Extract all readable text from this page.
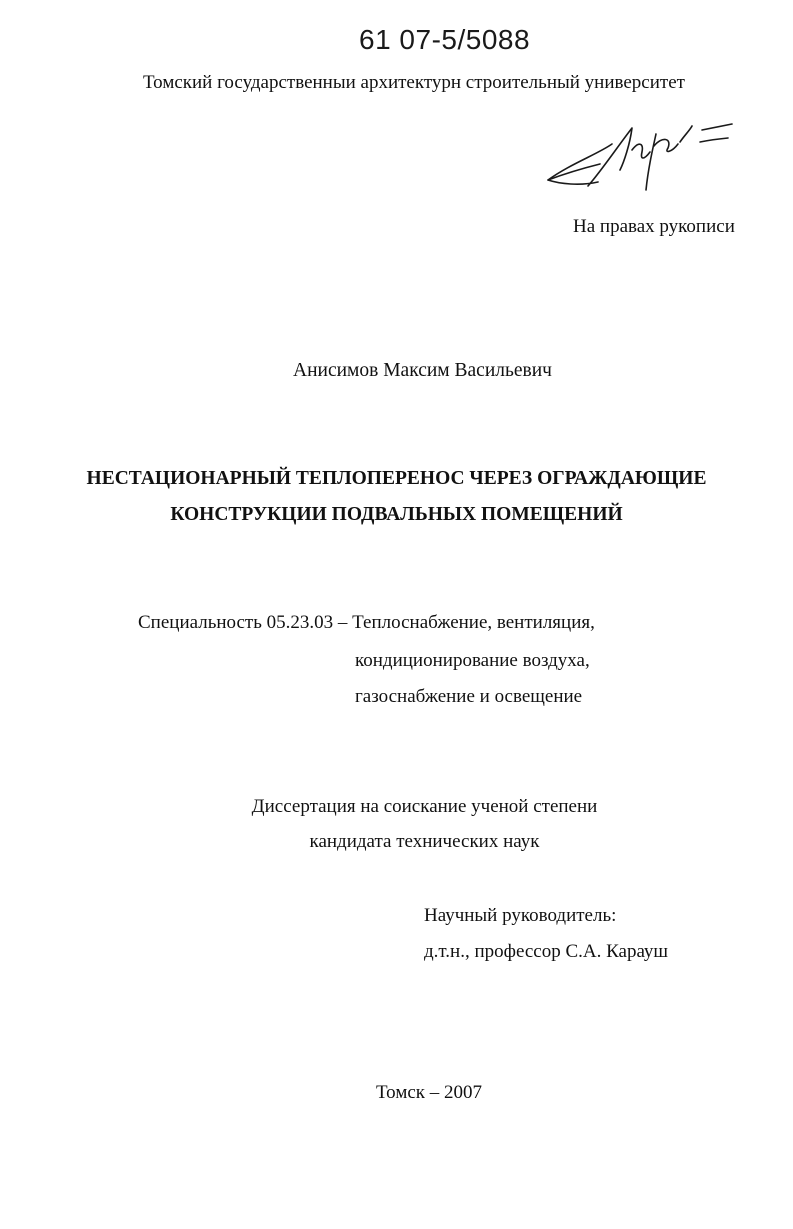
61 07-5/5088
Томский государственныи архитектурн строительный университет
На правах рукописи
Анисимов Максим Васильевич
НЕСТАЦИОНАРНЫЙ ТЕПЛОПЕРЕНОС ЧЕРЕЗ ОГРАЖДАЮЩИЕ
КОНСТРУКЦИИ ПОДВАЛЬНЫХ ПОМЕЩЕНИЙ
Специальность 05.23.03 – Теплоснабжение, вентиляция,
кондиционирование воздуха,
газоснабжение и освещение
Диссертация на соискание ученой степени
кандидата технических наук
Научный руководитель:
д.т.н., профессор С.А. Карауш
Томск – 2007
